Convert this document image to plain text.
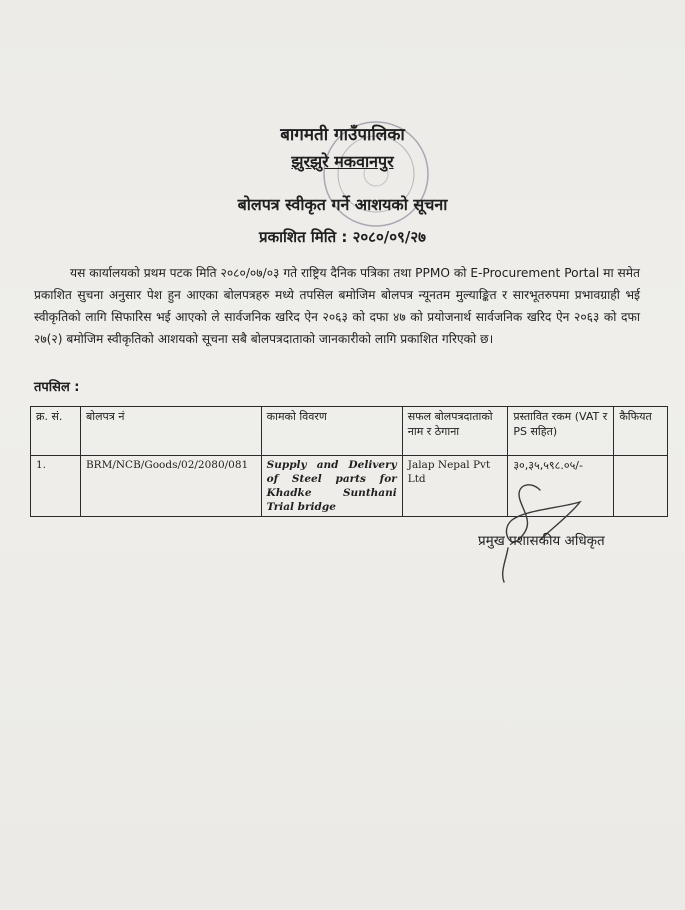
बागमती गाउँपालिका
झुरझुरे मकवानपुर
बोलपत्र स्वीकृत गर्ने आशयको सूचना
प्रकाशित मिति : २०८०/०९/२७
यस कार्यालयको प्रथम पटक मिति २०८०/०७/०३ गते राष्ट्रिय दैनिक पत्रिका तथा PPMO को E-Procurement Portal मा समेत प्रकाशित सुचना अनुसार पेश हुन आएका बोलपत्रहरु मध्ये तपसिल बमोजिम बोलपत्र न्यूनतम मुल्याङ्कित र सारभूतरुपमा प्रभावग्राही भई स्वीकृतिको लागि सिफारिस भई आएको ले सार्वजनिक खरिद ऐन २०६३ को दफा ४७ को प्रयोजनार्थ सार्वजनिक खरिद ऐन २०६३ को दफा २७(२) बमोजिम स्वीकृतिको आशयको सूचना सबै बोलपत्रदाताको जानकारीको लागि प्रकाशित गरिएको छ।
तपसिल :
क्र. सं.	बोलपत्र नं	कामको विवरण	सफल बोलपत्रदाताको नाम र ठेगाना	प्रस्तावित रकम (VAT र PS सहित)	कैफियत
1.	BRM/NCB/Goods/02/2080/081	Supply and Delivery of Steel parts for Khadke Sunthani Trial bridge	Jalap Nepal Pvt Ltd	३०,३५,५९८.०५/-	
प्रमुख प्रशासकीय अधिकृत
